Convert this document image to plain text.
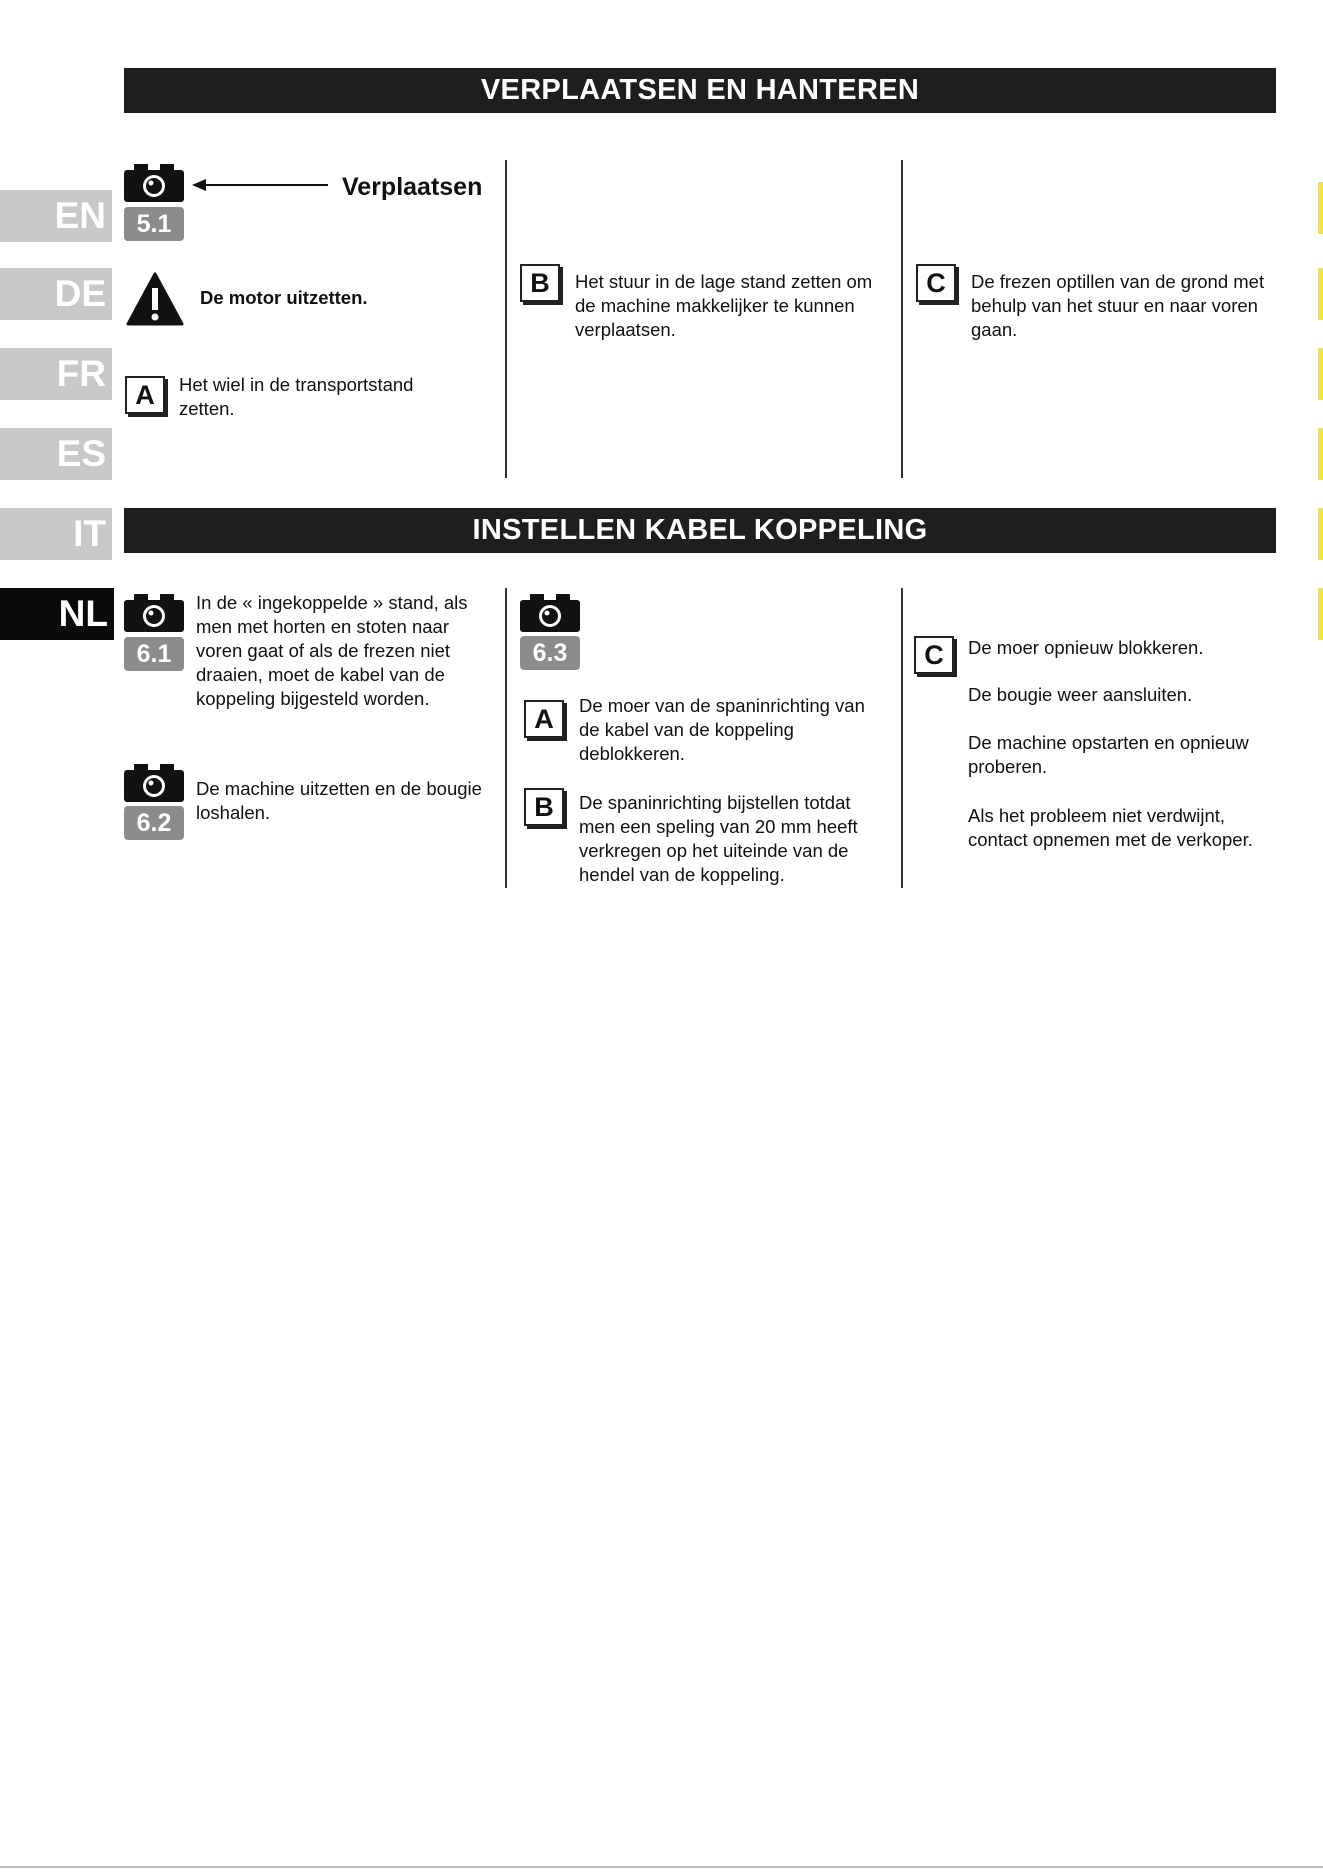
VERPLAATSEN EN HANTEREN
INSTELLEN KABEL KOPPELING
EN
DE
FR
ES
IT
NL
5.1
Verplaatsen
De motor uitzetten.
A	Het wiel in de transportstand zetten.
B	Het stuur in de lage stand zetten om de machine makkelijker te kunnen verplaatsen.
C	De frezen optillen van de grond met behulp van het stuur en naar voren gaan.
6.1
In de « ingekoppelde » stand, als men met horten en stoten naar voren gaat of als de frezen niet draaien, moet de kabel van de koppeling bijgesteld worden.
6.2
De machine uitzetten en de bougie loshalen.
6.3
A	De moer van de spaninrichting van de kabel van de koppeling deblokkeren.
B	De spaninrichting bijstellen totdat men een speling van 20 mm heeft verkregen op het uiteinde van de hendel van de koppeling.
C	De moer opnieuw blokkeren.
De bougie weer aansluiten.
De machine opstarten en opnieuw proberen.
Als het probleem niet verdwijnt, contact opnemen met de verkoper.
